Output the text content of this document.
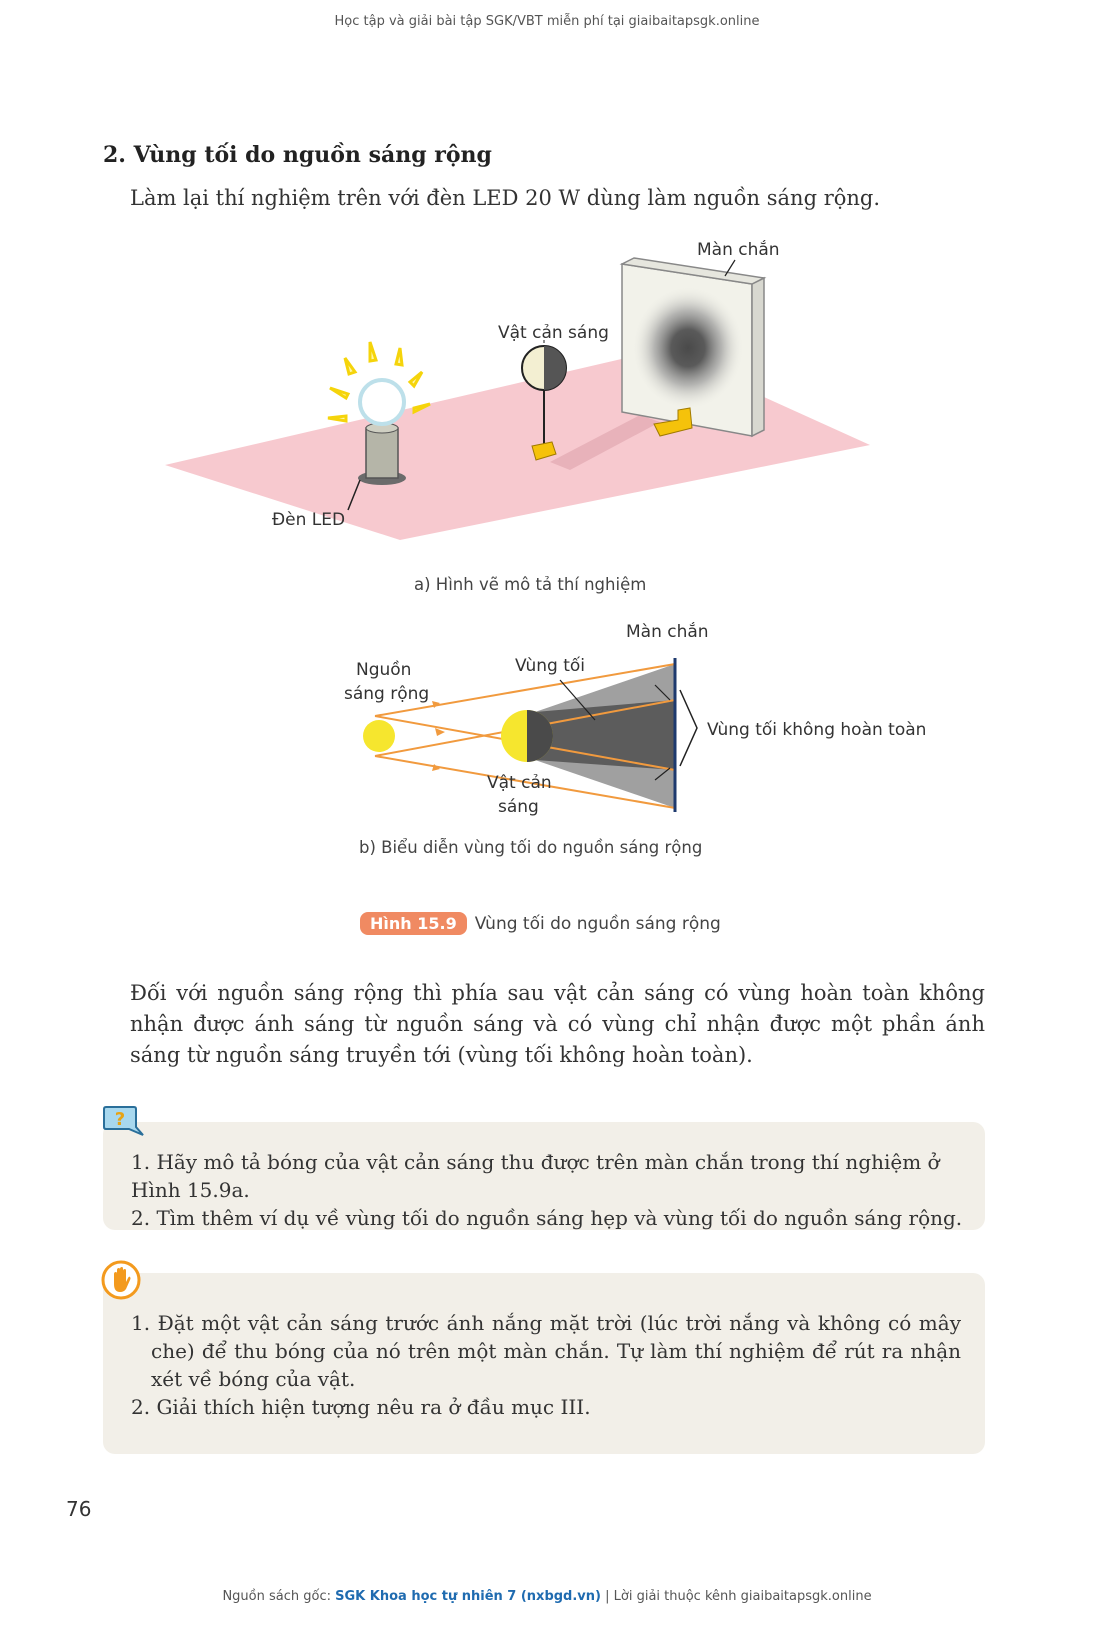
Học tập và giải bài tập SGK/VBT miễn phí tại giaibaitapsgk.online
2. Vùng tối do nguồn sáng rộng
Làm lại thí nghiệm trên với đèn LED 20 W dùng làm nguồn sáng rộng.
Màn chắn
Vật cản sáng
Đèn LED
a) Hình vẽ mô tả thí nghiệm
Màn chắn
Nguồn
sáng rộng
Vùng tối
Vùng tối không hoàn toàn
Vật cản
sáng
b) Biểu diễn vùng tối do nguồn sáng rộng
Hình 15.9	Vùng tối do nguồn sáng rộng
Đối với nguồn sáng rộng thì phía sau vật cản sáng có vùng hoàn toàn không nhận được ánh sáng từ nguồn sáng và có vùng chỉ nhận được một phần ánh sáng từ nguồn sáng truyền tới (vùng tối không hoàn toàn).
1. Hãy mô tả bóng của vật cản sáng thu được trên màn chắn trong thí nghiệm ở Hình 15.9a.
2. Tìm thêm ví dụ về vùng tối do nguồn sáng hẹp và vùng tối do nguồn sáng rộng.
?
1. Đặt một vật cản sáng trước ánh nắng mặt trời (lúc trời nắng và không có mây che) để thu bóng của nó trên một màn chắn. Tự làm thí nghiệm để rút ra nhận xét về bóng của vật.
2. Giải thích hiện tượng nêu ra ở đầu mục III.
76
Nguồn sách gốc: SGK Khoa học tự nhiên 7 (nxbgd.vn) | Lời giải thuộc kênh giaibaitapsgk.online
